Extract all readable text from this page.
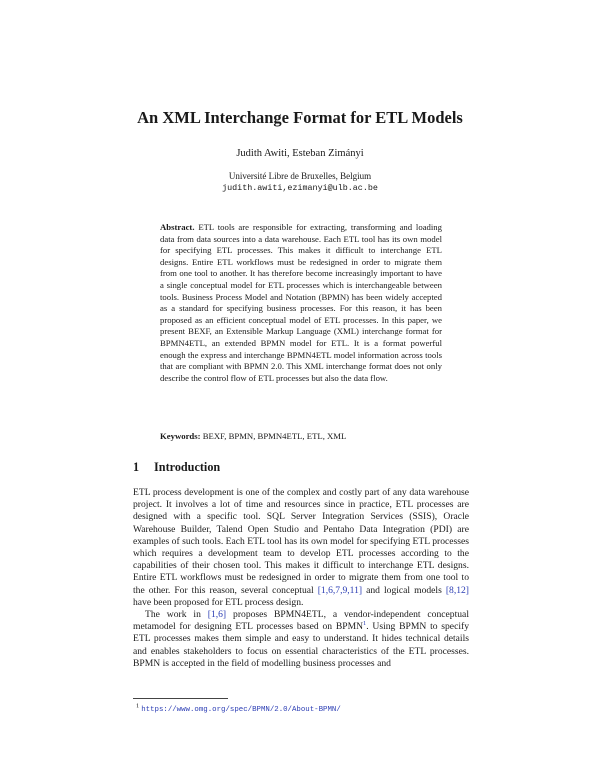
An XML Interchange Format for ETL Models
Judith Awiti, Esteban Zimányi
Université Libre de Bruxelles, Belgium
judith.awiti,ezimanyi@ulb.ac.be
Abstract. ETL tools are responsible for extracting, transforming and loading data from data sources into a data warehouse. Each ETL tool has its own model for specifying ETL processes. This makes it difficult to interchange ETL designs. Entire ETL workflows must be redesigned in order to migrate them from one tool to another. It has therefore become increasingly important to have a single conceptual model for ETL processes which is interchangeable between tools. Business Process Model and Notation (BPMN) has been widely accepted as a standard for specifying business processes. For this reason, it has been proposed as an efficient conceptual model of ETL processes. In this paper, we present BEXF, an Extensible Markup Language (XML) interchange format for BPMN4ETL, an extended BPMN model for ETL. It is a format powerful enough the express and interchange BPMN4ETL model information across tools that are compliant with BPMN 2.0. This XML interchange format does not only describe the control flow of ETL processes but also the data flow.
Keywords: BEXF, BPMN, BPMN4ETL, ETL, XML
1 Introduction

ETL process development is one of the complex and costly part of any data warehouse project. It involves a lot of time and resources since in practice, ETL processes are designed with a specific tool. SQL Server Integration Services (SSIS), Oracle Warehouse Builder, Talend Open Studio and Pentaho Data Integration (PDI) are examples of such tools. Each ETL tool has its own model for specifying ETL processes which requires a development team to develop ETL processes according to the capabilities of their chosen tool. This makes it difficult to interchange ETL designs. Entire ETL workflows must be redesigned in order to migrate them from one tool to the other. For this reason, several conceptual [1,6,7,9,11] and logical models [8,12] have been proposed for ETL process design.

The work in [1,6] proposes BPMN4ETL, a vendor-independent conceptual metamodel for designing ETL processes based on BPMN$^1$. Using BPMN to specify ETL processes makes them simple and easy to understand. It hides technical details and enables stakeholders to focus on essential characteristics of the ETL processes. BPMN is accepted in the field of modelling business processes and

$^1$ https://www.omg.org/spec/BPMN/2.0/About-BPMN/
